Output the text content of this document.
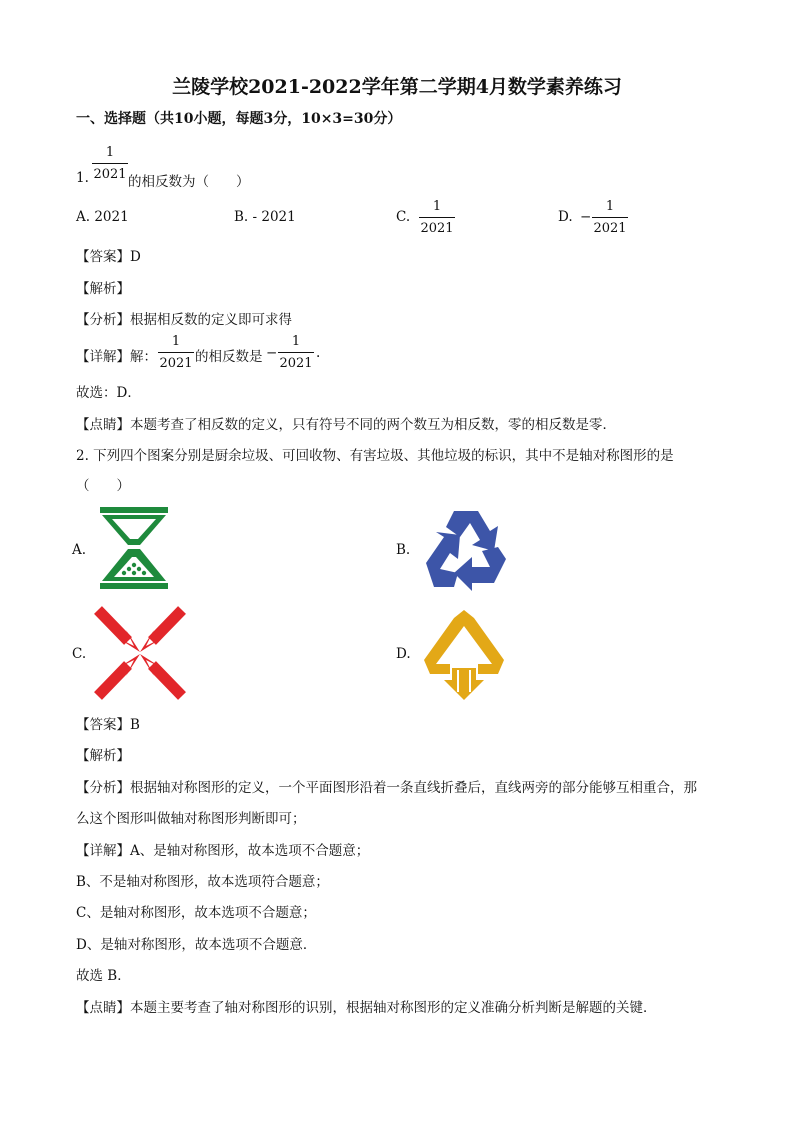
兰陵学校2021-2022学年第二学期4月数学素养练习
一、选择题（共10小题，每题3分，10×3=30分）
1.
1
2021 的相反数为（　　）
A. 2021	B. - 2021	C.
1
2021
D. −
1
2021
【答案】D
【解析】
【分析】根据相反数的定义即可求得
【详解】解：
1
2021 的相反数是 −
1
2021
.
故选：D．
【点睛】本题考查了相反数的定义，只有符号不同的两个数互为相反数，零的相反数是零．
2. 下列四个图案分别是厨余垃圾、可回收物、有害垃圾、其他垃圾的标识，其中不是轴对称图形的是
（　　）
A.	B.
C.	D.
【答案】B
【解析】
【分析】根据轴对称图形的定义，一个平面图形沿着一条直线折叠后，直线两旁的部分能够互相重合，那
么这个图形叫做轴对称图形判断即可；
【详解】A、是轴对称图形，故本选项不合题意；
B、不是轴对称图形，故本选项符合题意；
C、是轴对称图形，故本选项不合题意；
D、是轴对称图形，故本选项不合题意．
故选 B．
【点睛】本题主要考查了轴对称图形的识别，根据轴对称图形的定义准确分析判断是解题的关键．
